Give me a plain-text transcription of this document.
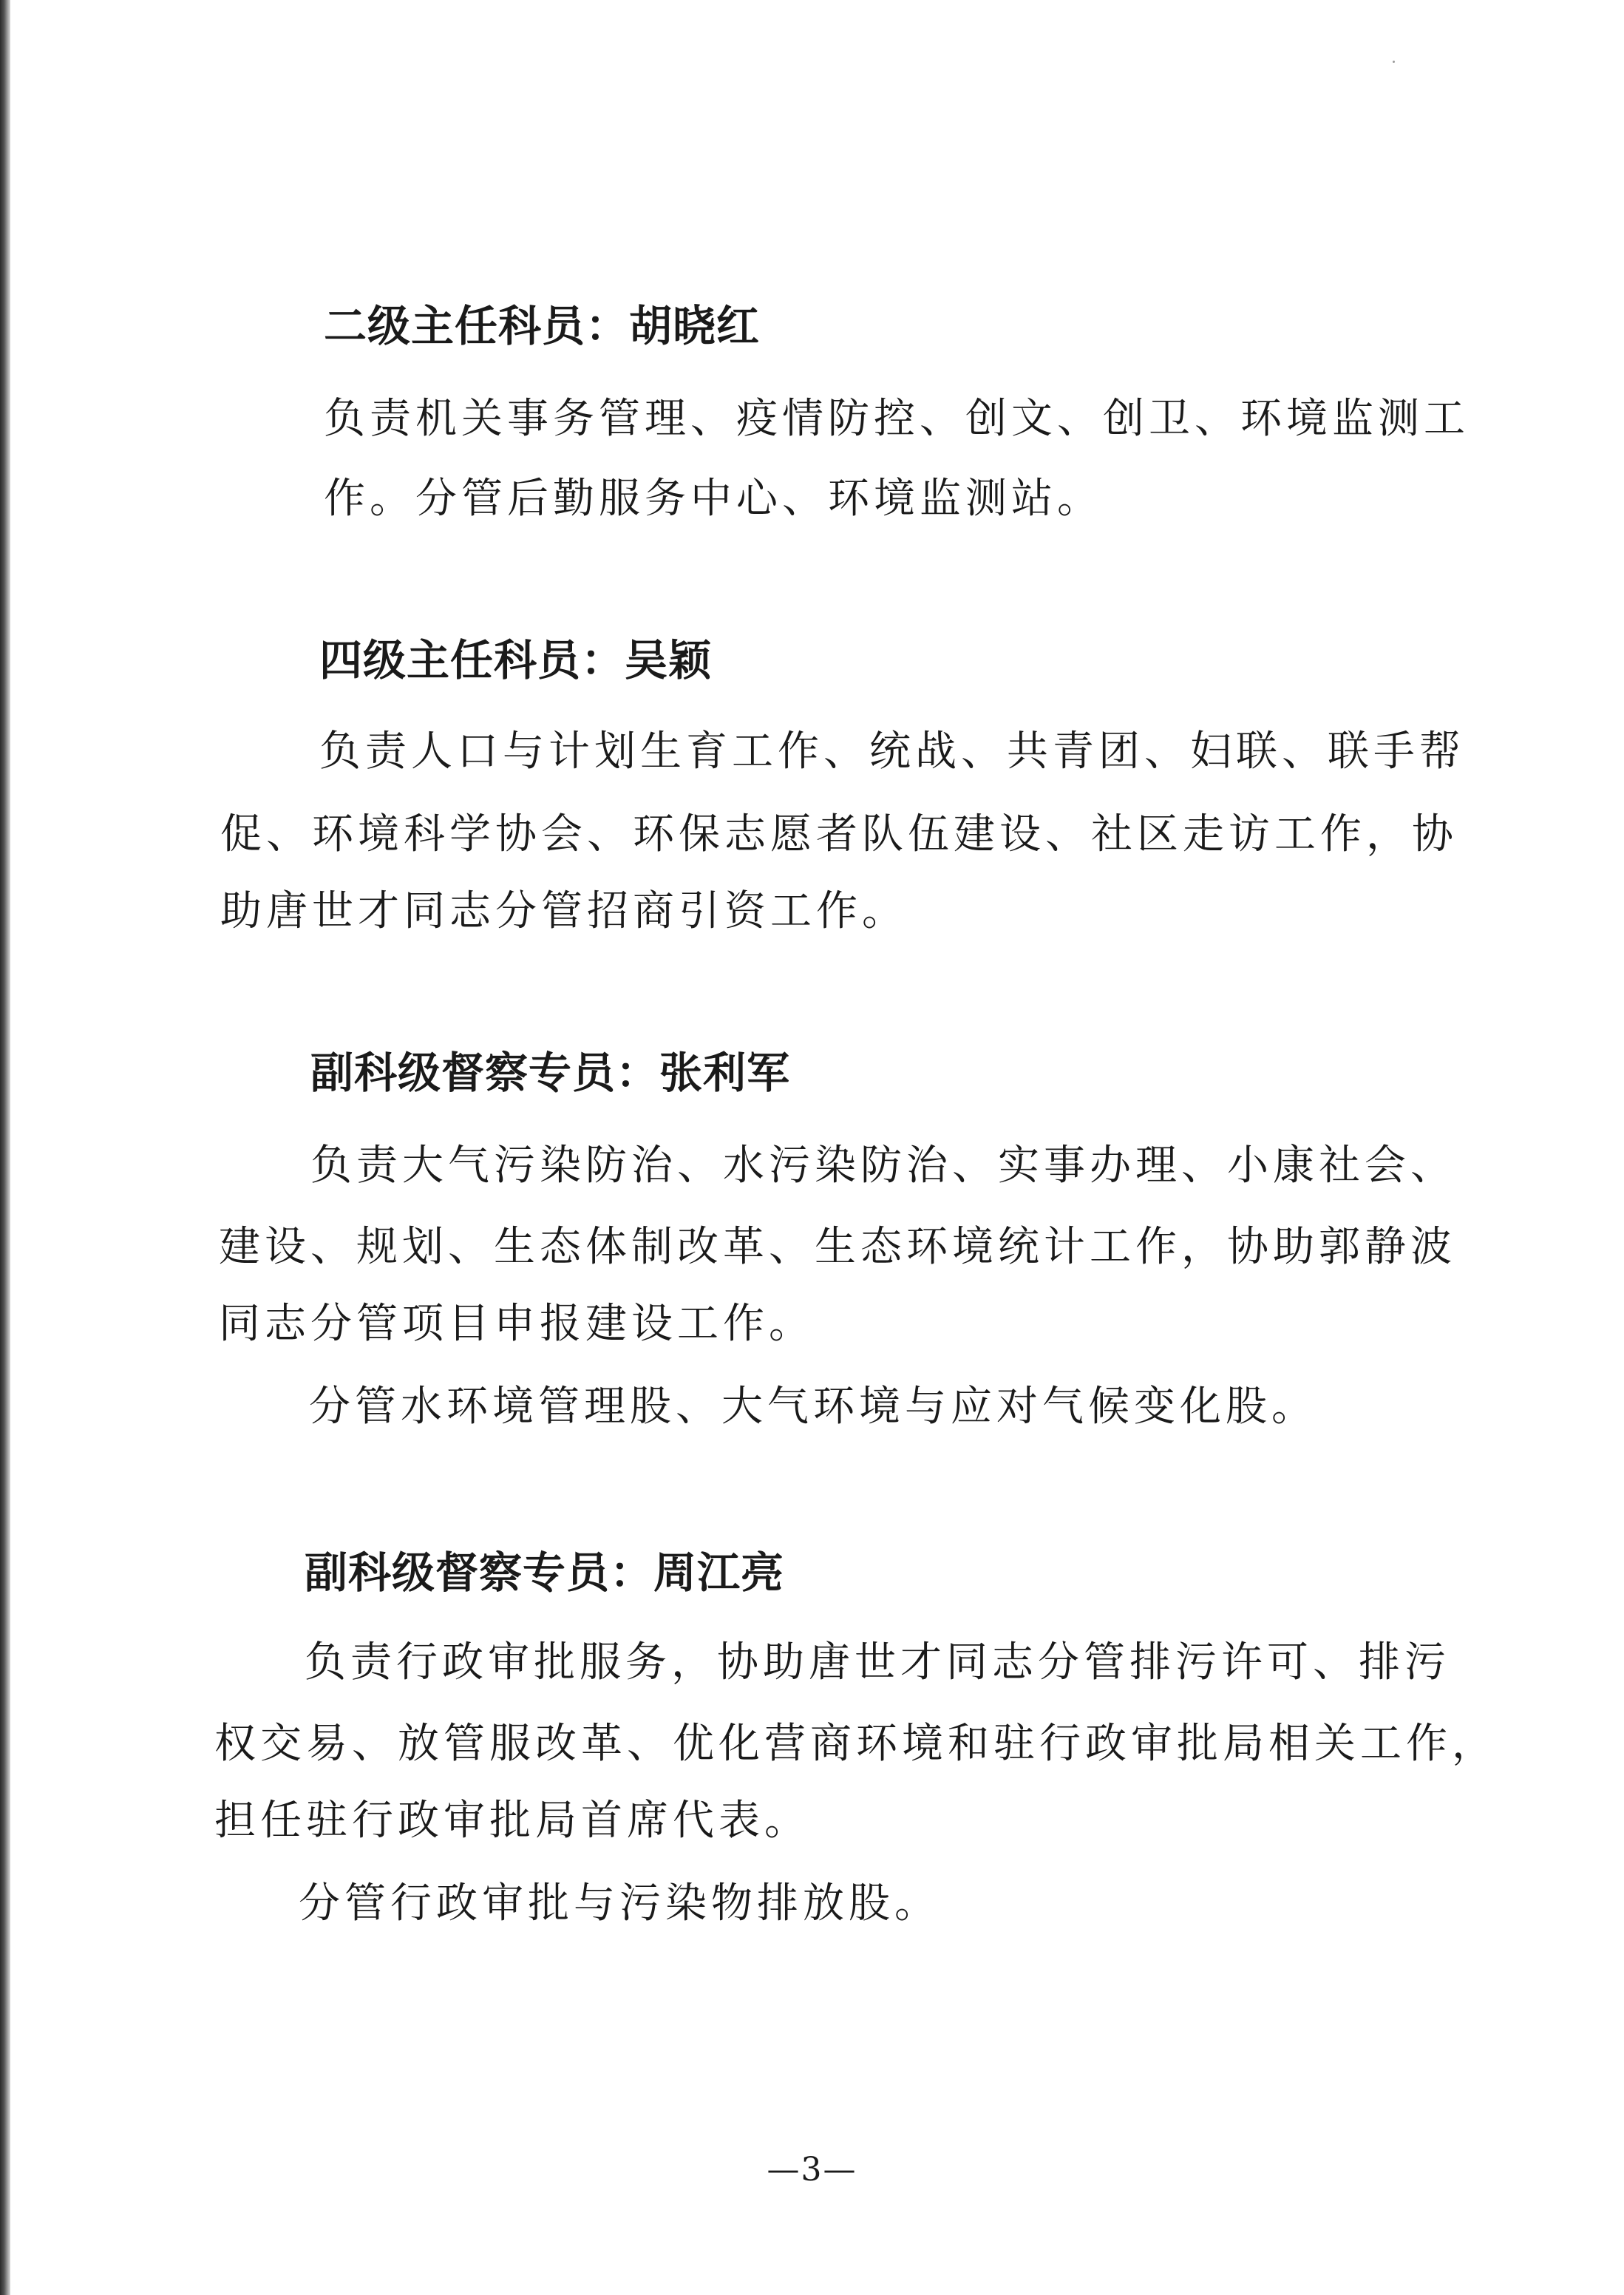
二级主任科员：胡晓红
负责机关事务管理、疫情防控、创文、创卫、环境监测工
作。分管后勤服务中心、环境监测站。
四级主任科员：吴颖
负责人口与计划生育工作、统战、共青团、妇联、联手帮
促、环境科学协会、环保志愿者队伍建设、社区走访工作，协
助唐世才同志分管招商引资工作。
副科级督察专员：张利军
负责大气污染防治、水污染防治、实事办理、小康社会、
建设、规划、生态体制改革、生态环境统计工作，协助郭静波
同志分管项目申报建设工作。
分管水环境管理股、大气环境与应对气候变化股。
副科级督察专员：周江亮
负责行政审批服务，协助唐世才同志分管排污许可、排污
权交易、放管服改革、优化营商环境和驻行政审批局相关工作，
担任驻行政审批局首席代表。
分管行政审批与污染物排放股。
—3—
